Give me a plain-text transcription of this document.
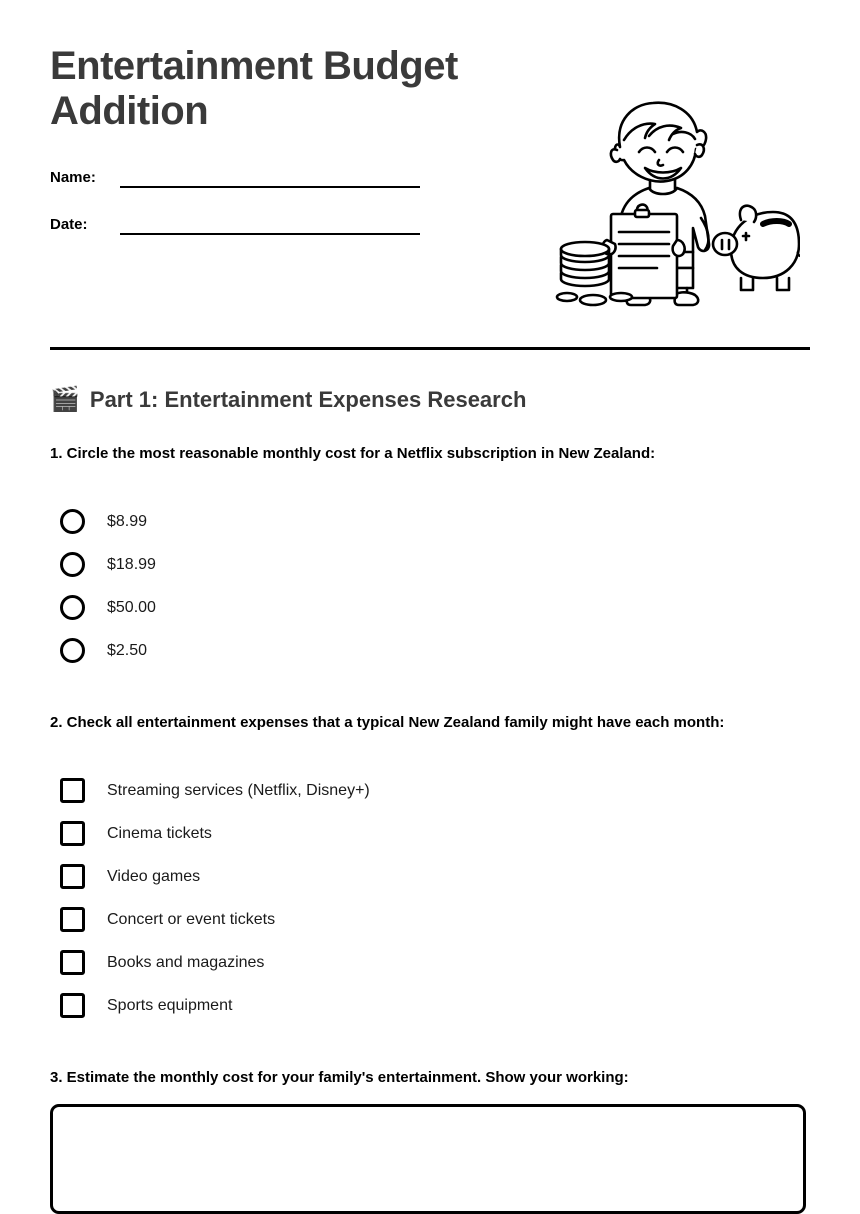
Entertainment Budget Addition
Name:
Date:
🎬 Part 1: Entertainment Expenses Research
1. Circle the most reasonable monthly cost for a Netflix subscription in New Zealand:
$8.99
$18.99
$50.00
$2.50
2. Check all entertainment expenses that a typical New Zealand family might have each month:
Streaming services (Netflix, Disney+)
Cinema tickets
Video games
Concert or event tickets
Books and magazines
Sports equipment
3. Estimate the monthly cost for your family's entertainment. Show your working:
